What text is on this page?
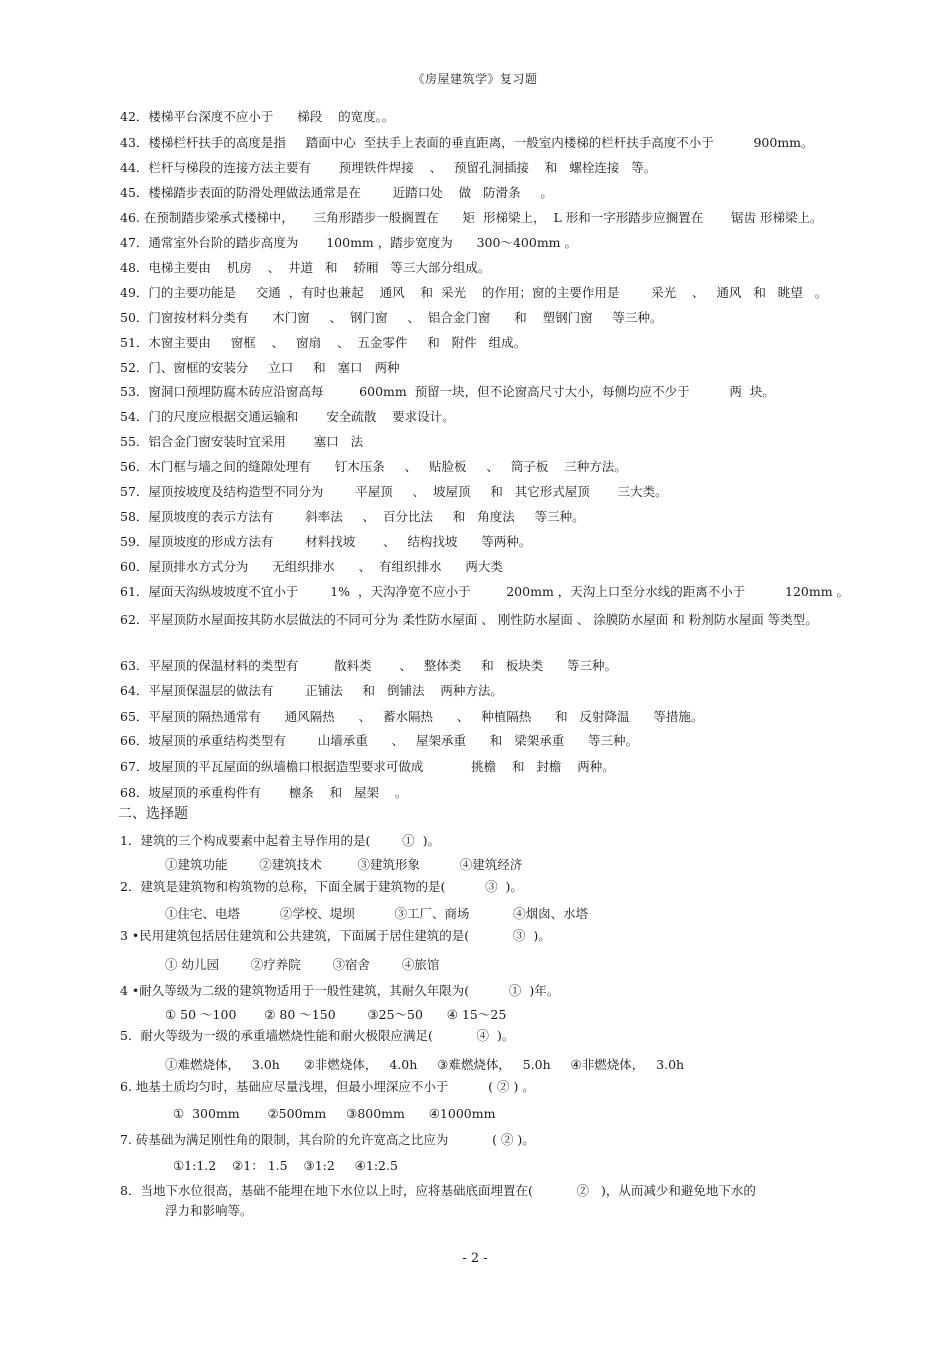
《房屋建筑学》复习题
42．楼梯平台深度不应小于      梯段    的宽度。。
43．楼梯栏杆扶手的高度是指     踏面中心  至扶手上表面的垂直距离，一般室内楼梯的栏杆扶手高度不小于          900mm。
44．栏杆与梯段的连接方法主要有       预埋铁件焊接    、   预留孔洞插接    和   螺栓连接   等。
45．楼梯踏步表面的防滑处理做法通常是在        近踏口处    做   防滑条     。
46. 在预制踏步梁承式楼梯中，     三角形踏步一般搁置在      矩  形梯梁上，  L 形和一字形踏步应搁置在       锯齿 形梯梁上。
47．通常室外台阶的踏步高度为       100mm ，踏步宽度为      300～400mm 。
48．电梯主要由    机房    、  井道   和    轿厢   等三大部分组成。
49．门的主要功能是     交通  ，有时也兼起    通风    和  采光    的作用；窗的主要作用是        采光    、   通风   和   眺望   。
50．门窗按材料分类有      木门窗     、  钢门窗     、  铝合金门窗      和    塑钢门窗     等三种。
51．木窗主要由     窗框    、   窗扇    、  五金零件     和   附件   组成。
52．门、窗框的安装分     立口     和   塞口   两种
53．窗洞口预埋防腐木砖应沿窗高每         600mm  预留一块，但不论窗高尺寸大小，每侧均应不少于          两  块。
54．门的尺度应根据交通运输和       安全疏散    要求设计。
55．铝合金门窗安装时宜采用       塞口   法
56．木门框与墙之间的缝隙处理有      钉木压条     、   贴脸板     、   筒子板    三种方法。
57．屋顶按坡度及结构造型不同分为        平屋顶     、  坡屋顶     和   其它形式屋顶       三大类。
58．屋顶坡度的表示方法有        斜率法     、  百分比法     和   角度法     等三种。
59．屋顶坡度的形成方法有        材料找坡       、   结构找坡      等两种。
60．屋顶排水方式分为      无组织排水      、  有组织排水      两大类
61．屋面天沟纵坡坡度不宜小于        1%  ，天沟净宽不应小于         200mm ，天沟上口至分水线的距离不小于          120mm 。
62．平屋顶防水屋面按其防水层做法的不同可分为 柔性防水屋面 、 刚性防水屋面 、 涂膜防水屋面 和 粉剂防水屋面 等类型。
63．平屋顶的保温材料的类型有         散料类       、   整体类     和   板块类      等三种。
64．平屋顶保温层的做法有        正铺法     和   倒铺法    两种方法。
65．平屋顶的隔热通常有      通风隔热      、   蓄水隔热      、   种植隔热      和   反射降温      等措施。
66．坡屋顶的承重结构类型有        山墙承重      、   屋架承重      和   梁架承重      等三种。
67．坡屋顶的平瓦屋面的纵墙檐口根据造型要求可做成            挑檐    和   封檐    两种。
68．坡屋顶的承重构件有       檩条    和   屋架    。
二、选择题
1．建筑的三个构成要素中起着主导作用的是(        ①  )。
①建筑功能        ②建筑技术         ③建筑形象          ④建筑经济
2．建筑是建筑物和构筑物的总称，下面全属于建筑物的是(          ③  )。
①住宅、电塔          ②学校、堤坝          ③工厂、商场           ④烟囱、水塔
3 •民用建筑包括居住建筑和公共建筑，下面属于居住建筑的是(           ③  )。
① 幼儿园        ②疗养院        ③宿舍        ④旅馆
4 •耐久等级为二级的建筑物适用于一般性建筑，其耐久年限为(          ①  )年。
① 50 ～100       ② 80 ～150        ③25～50      ④ 15～25
5．耐火等级为一级的承重墙燃烧性能和耐火极限应满足(           ④  )。
①难燃烧体，   3.0h      ②非燃烧体，   4.0h     ③难燃烧体，   5.0h     ④非燃烧体，   3.0h
6. 地基土质均匀时，基础应尽量浅埋，但最小埋深应不小于          ( ② ) 。
①  300mm       ②500mm     ③800mm      ④1000mm
7. 砖基础为满足刚性角的限制，其台阶的允许宽高之比应为           ( ② )。
①1:1.2    ②1： 1.5    ③1:2     ④1:2.5
8．当地下水位很高，基础不能埋在地下水位以上时，应将基础底面埋置在(           ②   )，从而减少和避免地下水的
浮力和影响等。
- 2 -
